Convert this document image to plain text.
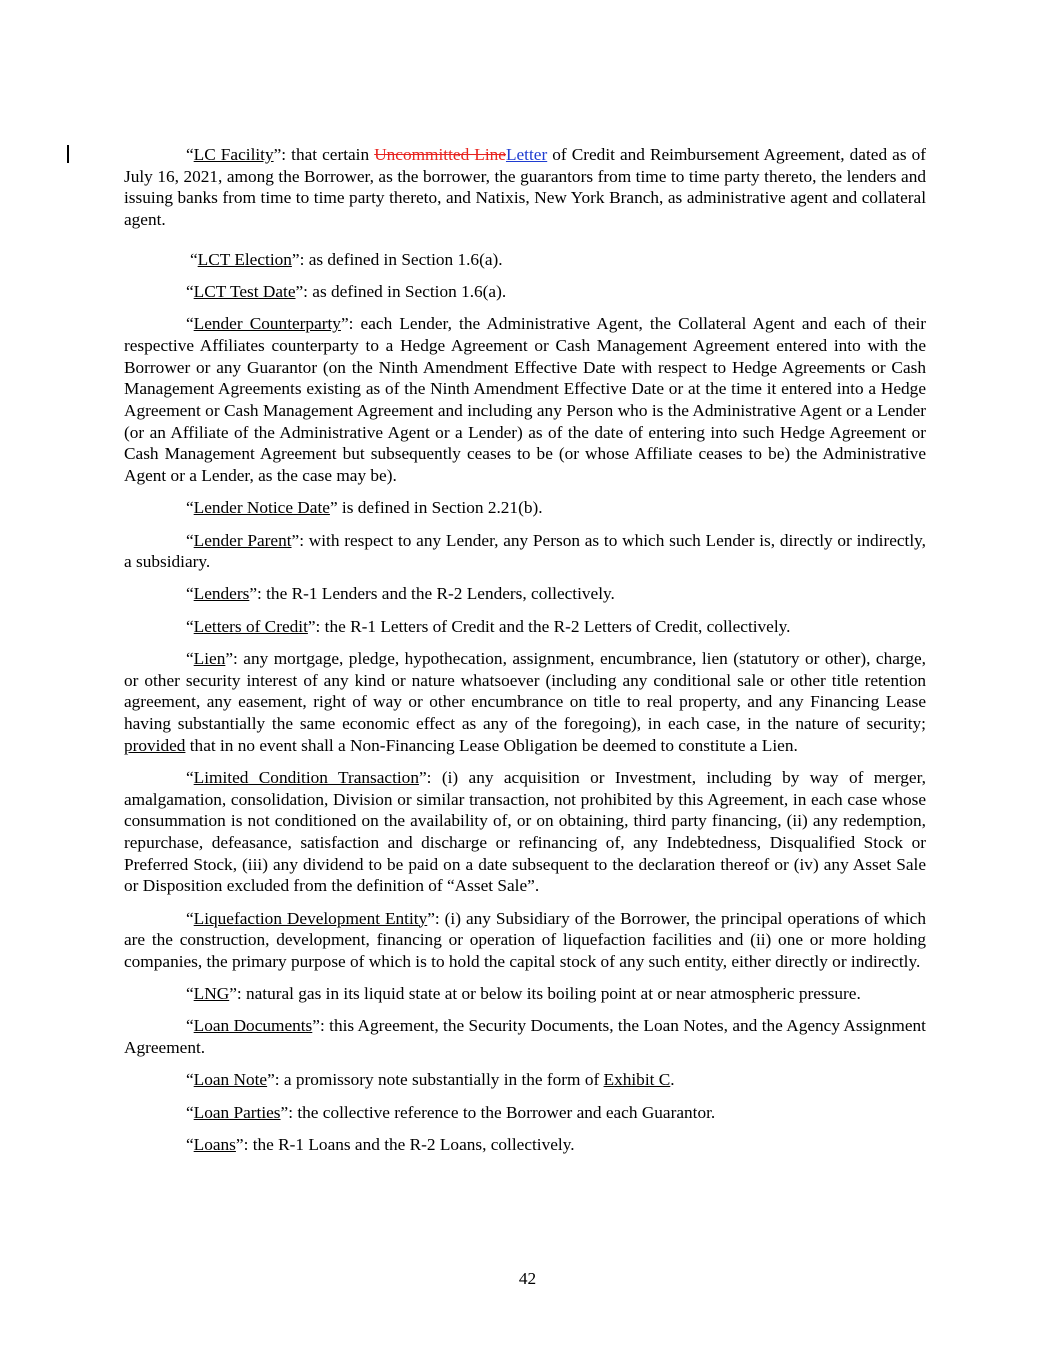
“LC Facility”: that certain Uncommitted LineLetter of Credit and Reimbursement Agreement, dated as of July 16, 2021, among the Borrower, as the borrower, the guarantors from time to time party thereto, the lenders and issuing banks from time to time party thereto, and Natixis, New York Branch, as administrative agent and collateral agent.

“LCT Election”: as defined in Section 1.6(a).

“LCT Test Date”: as defined in Section 1.6(a).

“Lender Counterparty”: each Lender, the Administrative Agent, the Collateral Agent and each of their respective Affiliates counterparty to a Hedge Agreement or Cash Management Agreement entered into with the Borrower or any Guarantor (on the Ninth Amendment Effective Date with respect to Hedge Agreements or Cash Management Agreements existing as of the Ninth Amendment Effective Date or at the time it entered into a Hedge Agreement or Cash Management Agreement and including any Person who is the Administrative Agent or a Lender (or an Affiliate of the Administrative Agent or a Lender) as of the date of entering into such Hedge Agreement or Cash Management Agreement but subsequently ceases to be (or whose Affiliate ceases to be) the Administrative Agent or a Lender, as the case may be).

“Lender Notice Date” is defined in Section 2.21(b).

“Lender Parent”: with respect to any Lender, any Person as to which such Lender is, directly or indirectly, a subsidiary.

“Lenders”: the R-1 Lenders and the R-2 Lenders, collectively.

“Letters of Credit”: the R-1 Letters of Credit and the R-2 Letters of Credit, collectively.

“Lien”: any mortgage, pledge, hypothecation, assignment, encumbrance, lien (statutory or other), charge, or other security interest of any kind or nature whatsoever (including any conditional sale or other title retention agreement, any easement, right of way or other encumbrance on title to real property, and any Financing Lease having substantially the same economic effect as any of the foregoing), in each case, in the nature of security; provided that in no event shall a Non-Financing Lease Obligation be deemed to constitute a Lien.

“Limited Condition Transaction”: (i) any acquisition or Investment, including by way of merger, amalgamation, consolidation, Division or similar transaction, not prohibited by this Agreement, in each case whose consummation is not conditioned on the availability of, or on obtaining, third party financing, (ii) any redemption, repurchase, defeasance, satisfaction and discharge or refinancing of, any Indebtedness, Disqualified Stock or Preferred Stock, (iii) any dividend to be paid on a date subsequent to the declaration thereof or (iv) any Asset Sale or Disposition excluded from the definition of “Asset Sale”.

“Liquefaction Development Entity”: (i) any Subsidiary of the Borrower, the principal operations of which are the construction, development, financing or operation of liquefaction facilities and (ii) one or more holding companies, the primary purpose of which is to hold the capital stock of any such entity, either directly or indirectly.

“LNG”: natural gas in its liquid state at or below its boiling point at or near atmospheric pressure.

“Loan Documents”: this Agreement, the Security Documents, the Loan Notes, and the Agency Assignment Agreement.

“Loan Note”: a promissory note substantially in the form of Exhibit C.

“Loan Parties”: the collective reference to the Borrower and each Guarantor.

“Loans”: the R-1 Loans and the R-2 Loans, collectively.

42
